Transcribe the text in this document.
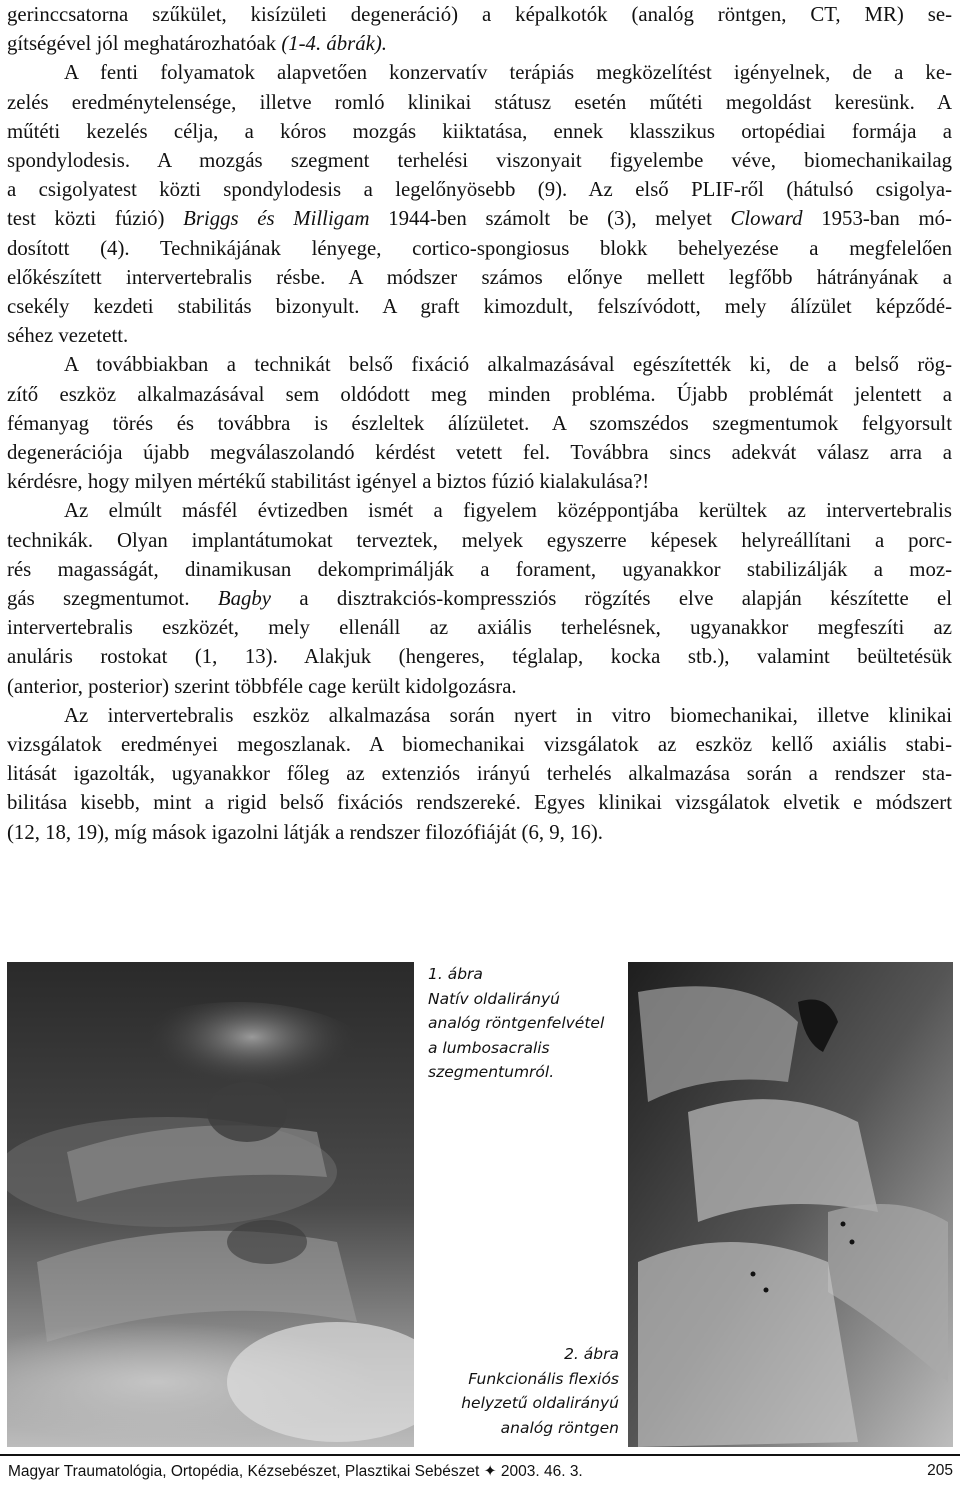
gerinccsatorna szűkület, kisízületi degeneráció) a képalkotók (analóg röntgen, CT, MR) se-
gítségével jól meghatározhatóak (1-4. ábrák).
A fenti folyamatok alapvetően konzervatív terápiás megközelítést igényelnek, de a ke-
zelés eredménytelensége, illetve romló klinikai státusz esetén műtéti megoldást keresünk. A
műtéti kezelés célja, a kóros mozgás kiiktatása, ennek klasszikus ortopédiai formája a
spondylodesis. A mozgás szegment terhelési viszonyait figyelembe véve, biomechanikailag
a csigolyatest közti spondylodesis a legelőnyösebb (9). Az első PLIF-ről (hátulsó csigolya-
test közti fúzió) Briggs és Milligam 1944-ben számolt be (3), melyet Cloward 1953-ban mó-
dosított (4). Technikájának lényege, cortico-spongiosus blokk behelyezése a megfelelően
előkészített intervertebralis résbe. A módszer számos előnye mellett legfőbb hátrányának a
csekély kezdeti stabilitás bizonyult. A graft kimozdult, felszívódott, mely álízület képződé-
séhez vezetett.
A továbbiakban a technikát belső fixáció alkalmazásával egészítették ki, de a belső rög-
zítő eszköz alkalmazásával sem oldódott meg minden probléma. Újabb problémát jelentett a
fémanyag törés és továbbra is észleltek álízületet. A szomszédos szegmentumok felgyorsult
degenerációja újabb megválaszolandó kérdést vetett fel. Továbbra sincs adekvát válasz arra a
kérdésre, hogy milyen mértékű stabilitást igényel a biztos fúzió kialakulása?!
Az elmúlt másfél évtizedben ismét a figyelem középpontjába kerültek az intervertebralis
technikák. Olyan implantátumokat terveztek, melyek egyszerre képesek helyreállítani a porc-
rés magasságát, dinamikusan dekomprimálják a forament, ugyanakkor stabilizálják a moz-
gás szegmentumot. Bagby a disztrakciós-kompressziós rögzítés elve alapján készítette el
intervertebralis eszközét, mely ellenáll az axiális terhelésnek, ugyanakkor megfeszíti az
anuláris rostokat (1, 13). Alakjuk (hengeres, téglalap, kocka stb.), valamint beültetésük
(anterior, posterior) szerint többféle cage került kidolgozásra.
Az intervertebralis eszköz alkalmazása során nyert in vitro biomechanikai, illetve klinikai
vizsgálatok eredményei megoszlanak. A biomechanikai vizsgálatok az eszköz kellő axiális stabi-
litását igazolták, ugyanakkor főleg az extenziós irányú terhelés alkalmazása során a rendszer sta-
bilitása kisebb, mint a rigid belső fixációs rendszereké. Egyes klinikai vizsgálatok elvetik e módszert
(12, 18, 19), míg mások igazolni látják a rendszer filozófiáját (6, 9, 16).
1. ábra
Natív oldalirányú
analóg röntgenfelvétel
a lumbosacralis
szegmentumról.
2. ábra
Funkcionális flexiós
helyzetű oldalirányú
analóg röntgen
Magyar Traumatológia, Ortopédia, Kézsebészet, Plasztikai Sebészet ✦ 2003. 46. 3.	205
